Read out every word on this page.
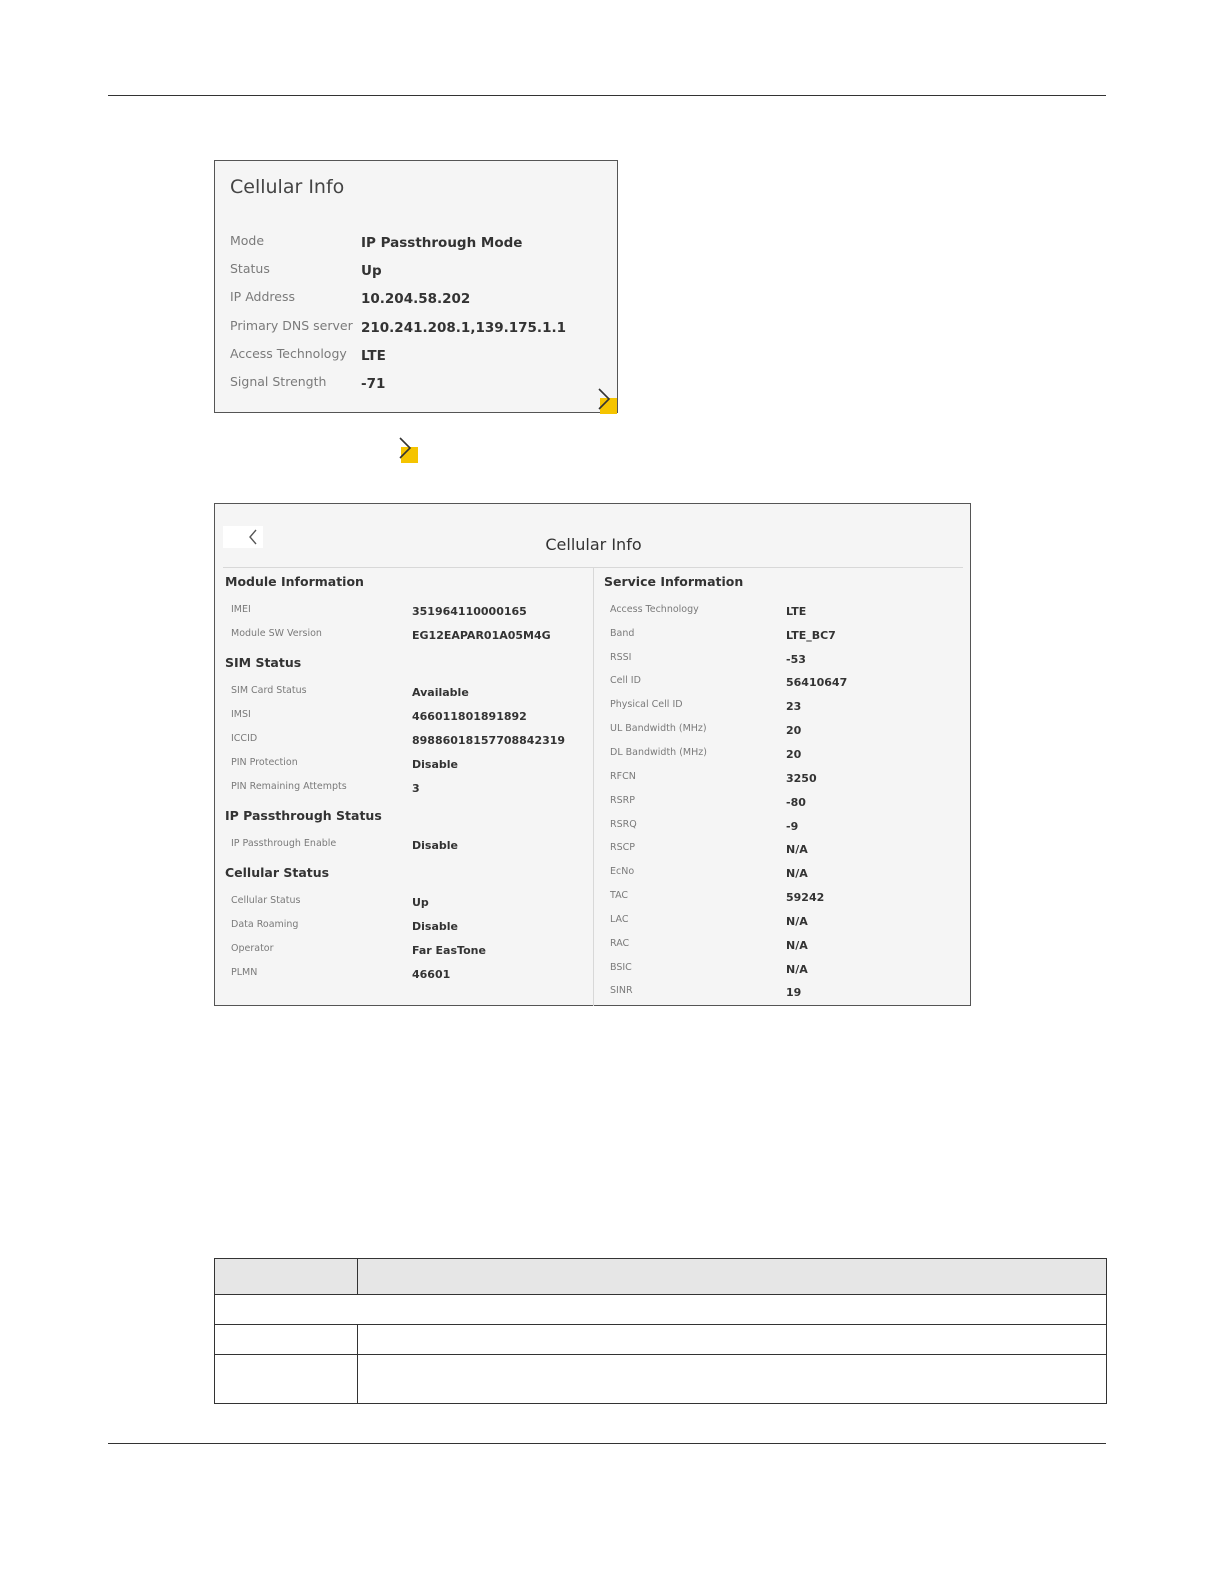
Cellular Info
Mode	IP Passthrough Mode
Status	Up
IP Address	10.204.58.202
Primary DNS server 210.241.208.1,139.175.1.1
Access Technology LTE
Signal Strength	-71
Cellular Info
Module Information
IMEI	351964110000165
Module SW Version	EG12EAPAR01A05M4G
SIM Status
SIM Card Status	Available
IMSI	466011801891892
ICCID	89886018157708842319
PIN Protection	Disable
PIN Remaining Attempts	3
IP Passthrough Status
IP Passthrough Enable	Disable
Cellular Status
Cellular Status	Up
Data Roaming	Disable
Operator	Far EasTone
PLMN	46601
Service Information
Access Technology	LTE
Band	LTE_BC7
RSSI	-53
Cell ID	56410647
Physical Cell ID	23
UL Bandwidth (MHz)	20
DL Bandwidth (MHz)	20
RFCN	3250
RSRP	-80
RSRQ	-9
RSCP	N/A
EcNo	N/A
TAC	59242
LAC	N/A
RAC	N/A
BSIC	N/A
SINR	19
